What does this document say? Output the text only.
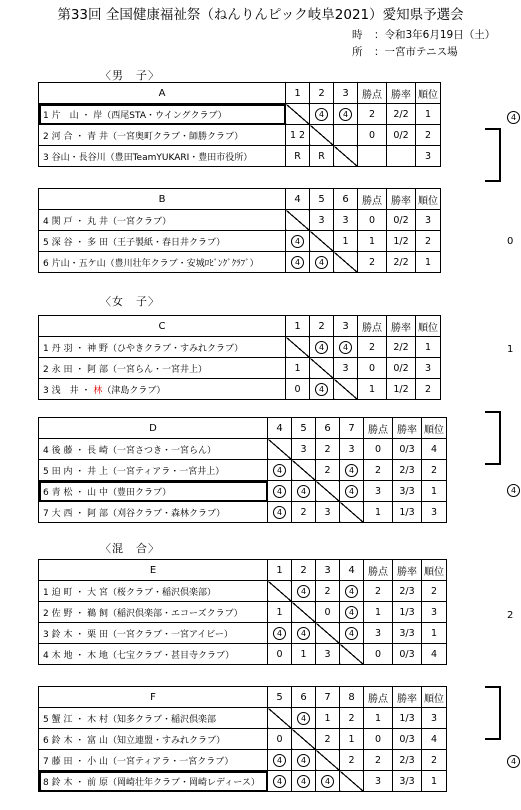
第33回 全国健康福祉祭（ねんりんピック岐阜2021）愛知県予選会
時 ：令和3年6月19日（土）
所 ：一宮市テニス場
〈男　子〉
〈女　子〉
〈混　合〉
A	1	2	3	勝点	勝率	順位
1 片　山 ・ 岸（西尾STA・ウイングクラブ）		4	4	2	2/2	1
2 河 合 ・ 青 井（一宮奥町クラブ・師勝クラブ）	1 2			0	0/2	2
3 谷山・長谷川（豊田TeamYUKARI・豊田市役所）	R	R				3
B	4	5	6	勝点	勝率	順位
4 関 戸 ・ 丸 井（一宮クラブ）		3	3	0	0/2	3
5 深 谷 ・ 多 田（王子製紙・春日井クラブ）	4		1	1	1/2	2
6 片山・五ケ山（豊川壮年クラブ・安城ﾛﾋﾞﾝｸﾞｸﾗﾌﾞ）	4	4		2	2/2	1
C	1	2	3	勝点	勝率	順位
1 丹 羽 ・ 神 野（ひやきクラブ・すみれクラブ）		4	4	2	2/2	1
2 永 田 ・ 阿 部（一宮らん・一宮井上）	1		3	0	0/2	3
3 浅　井 ・ 林（津島クラブ）	0	4		1	1/2	2
D	4	5	6	7	勝点	勝率	順位
4 後 藤 ・ 長 崎（一宮さつき・一宮らん）		3	2	3	0	0/3	4
5 田 内 ・ 井 上（一宮ティアラ・一宮井上）	4		2	4	2	2/3	2
6 青 松 ・ 山 中（豊田クラブ）	4	4		4	3	3/3	1
7 大 西 ・ 阿 部（刈谷クラブ・森林クラブ）	4	2	3		1	1/3	3
E	1	2	3	4	勝点	勝率	順位
1 迫 町 ・ 大 宮（桜クラブ・稲沢倶楽部）		4	2	4	2	2/3	2
2 佐 野 ・ 鵜 飼（稲沢倶楽部・エコーズクラブ）	1		0	4	1	1/3	3
3 鈴 木 ・ 栗 田（一宮クラブ・一宮アイビー）	4	4		4	3	3/3	1
4 木 地 ・ 木 地（七宝クラブ・甚目寺クラブ）	0	1	3		0	0/3	4
F	5	6	7	8	勝点	勝率	順位
5 蟹 江 ・ 木 村（知多クラブ・稲沢倶楽部		4	1	2	1	1/3	3
6 鈴 木 ・ 富 山（知立連盟・すみれクラブ）	0		2	1	0	0/3	4
7 藤 田 ・ 小 山（一宮ティアラ・一宮クラブ）	4	4		2	2	2/3	2
8 鈴 木 ・ 前 原（岡崎壮年クラブ・岡崎レディース）	4	4	4		3	3/3	1
4
0
1
4
2
4
